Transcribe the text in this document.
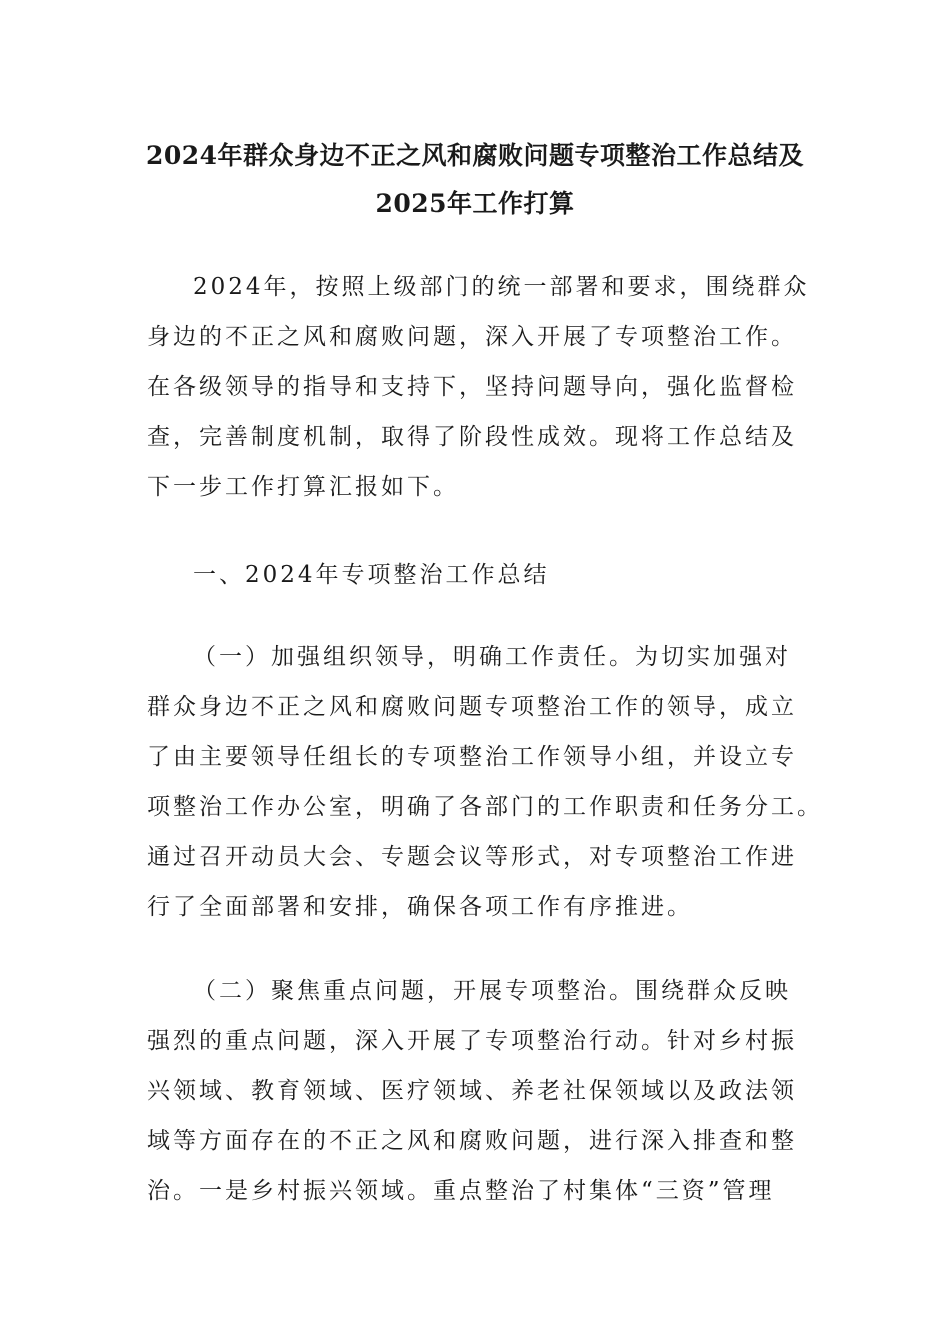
2024年群众身边不正之风和腐败问题专项整治工作总结及
2025年工作打算
2024年，按照上级部门的统一部署和要求，围绕群众
身边的不正之风和腐败问题，深入开展了专项整治工作。
在各级领导的指导和支持下，坚持问题导向，强化监督检
查，完善制度机制，取得了阶段性成效。现将工作总结及
下一步工作打算汇报如下。
一、2024年专项整治工作总结
（一）加强组织领导，明确工作责任。为切实加强对
群众身边不正之风和腐败问题专项整治工作的领导，成立
了由主要领导任组长的专项整治工作领导小组，并设立专
项整治工作办公室，明确了各部门的工作职责和任务分工。
通过召开动员大会、专题会议等形式，对专项整治工作进
行了全面部署和安排，确保各项工作有序推进。
（二）聚焦重点问题，开展专项整治。围绕群众反映
强烈的重点问题，深入开展了专项整治行动。针对乡村振
兴领域、教育领域、医疗领域、养老社保领域以及政法领
域等方面存在的不正之风和腐败问题，进行深入排查和整
治。一是乡村振兴领域。重点整治了村集体“三资”管理
